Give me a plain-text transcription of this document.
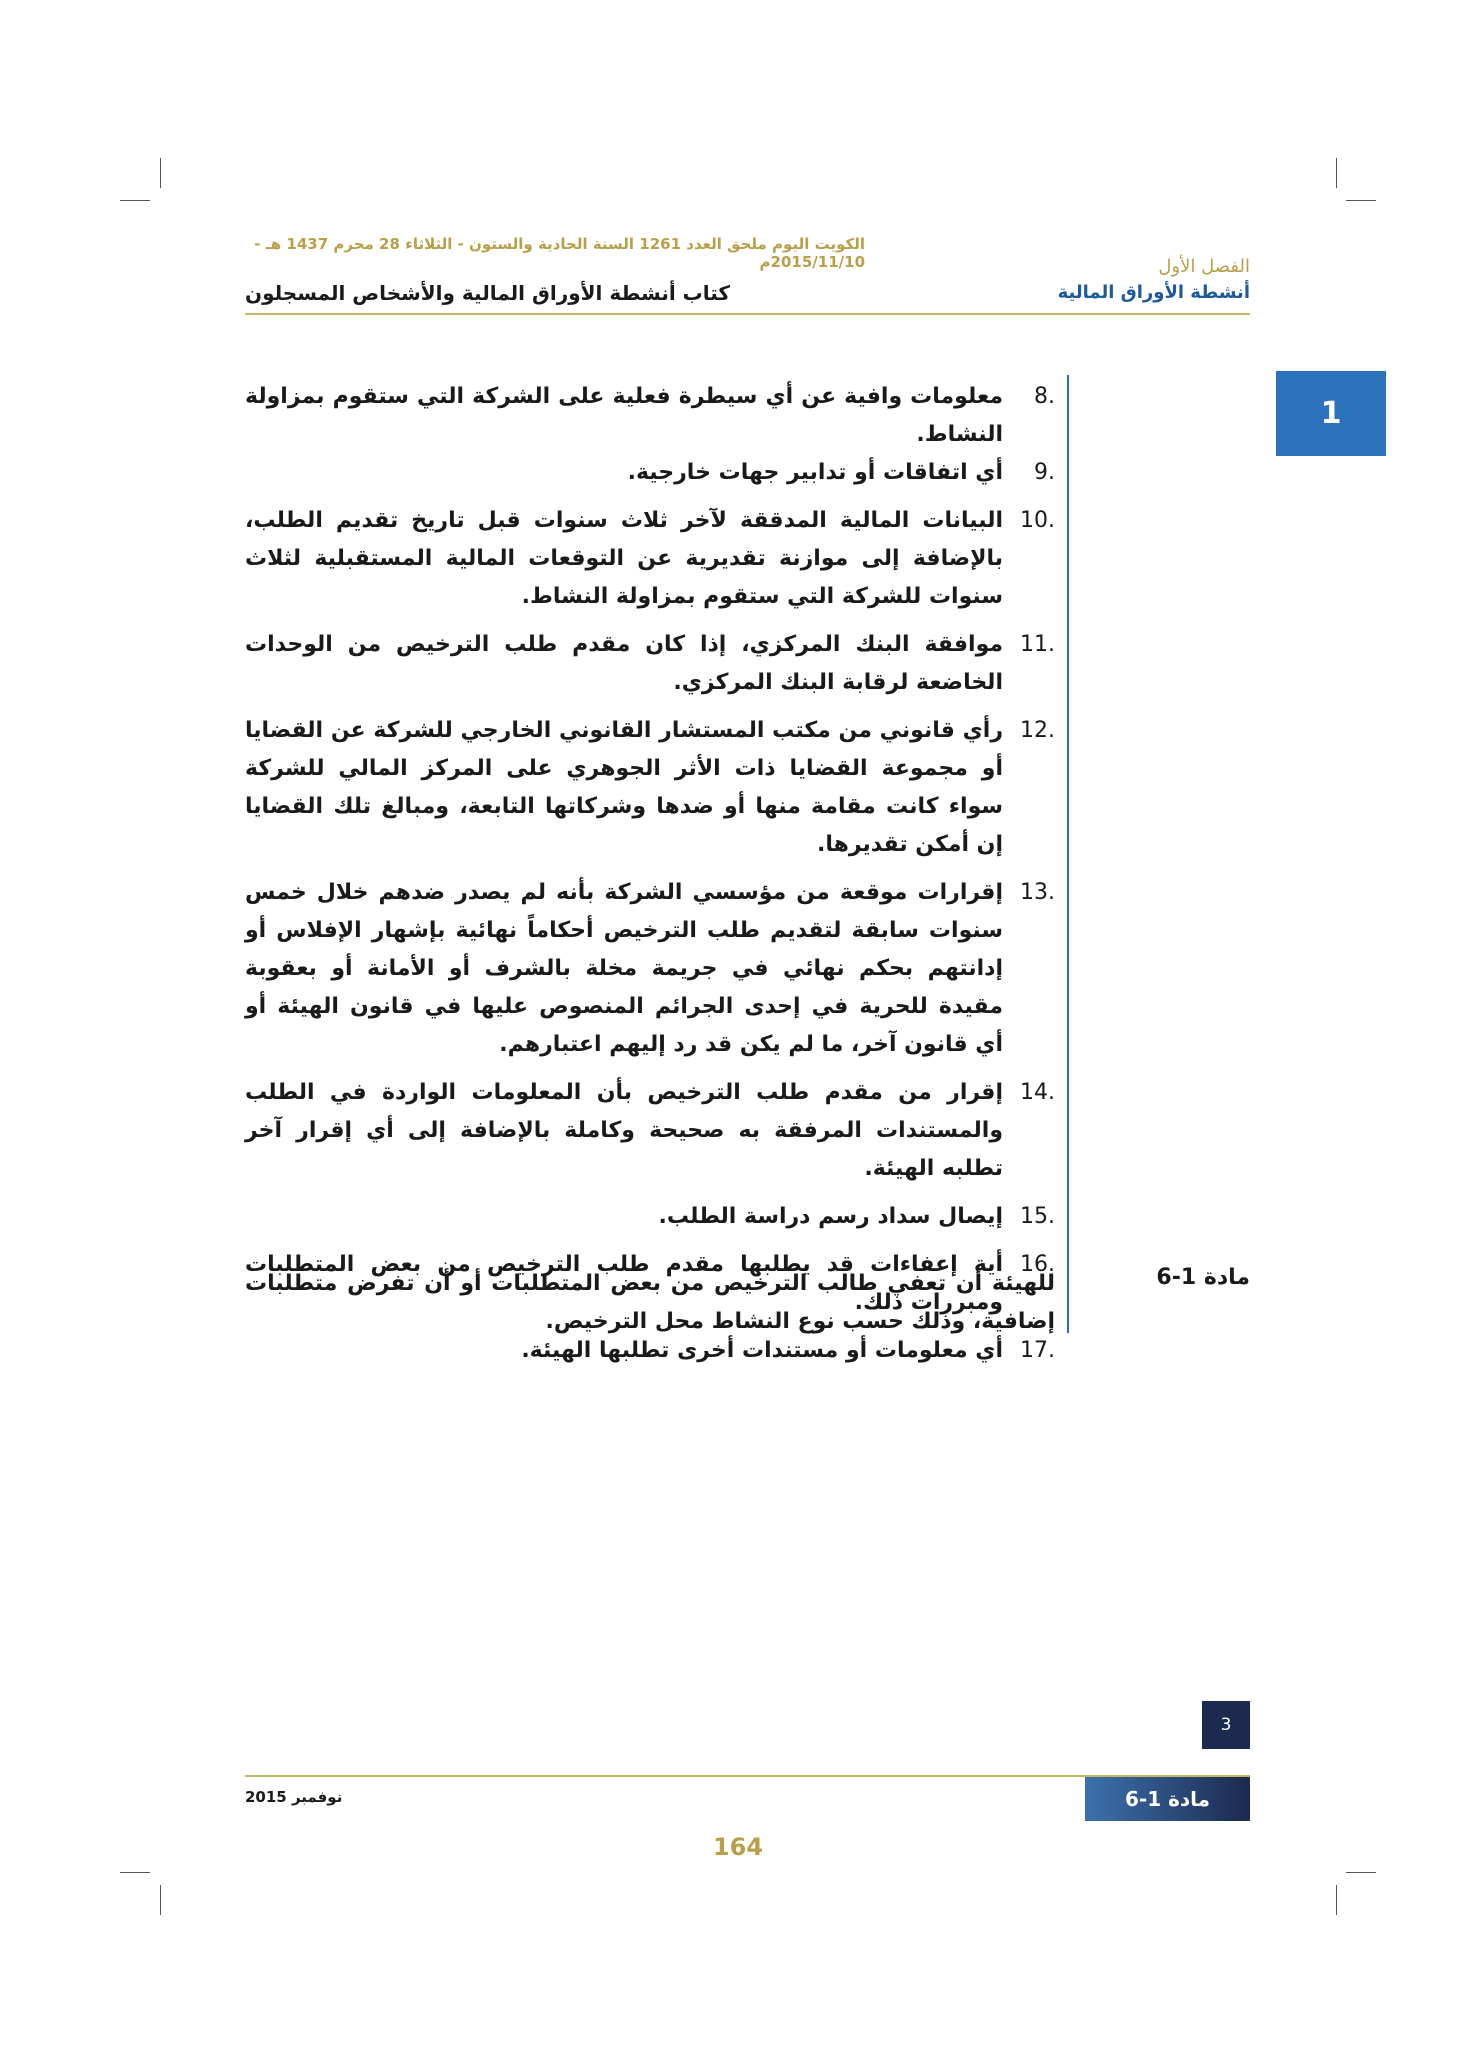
الكويت اليوم ملحق العدد 1261 السنة الحادية والستون - الثلاثاء 28 محرم 1437 هـ - 2015/11/10م	الفصل الأول
أنشطة الأوراق المالية
كتاب أنشطة الأوراق المالية والأشخاص المسجلون
1
8.
معلومات وافية عن أي سيطرة فعلية على الشركة التي ستقوم بمزاولة النشاط.
9.
أي اتفاقات أو تدابير جهات خارجية.
10.
البيانات المالية المدققة لآخر ثلاث سنوات قبل تاريخ تقديم الطلب، بالإضافة إلى موازنة تقديرية عن التوقعات المالية المستقبلية لثلاث سنوات للشركة التي ستقوم بمزاولة النشاط.
11.
موافقة البنك المركزي، إذا كان مقدم طلب الترخيص من الوحدات الخاضعة لرقابة البنك المركزي.
12.
رأي قانوني من مكتب المستشار القانوني الخارجي للشركة عن القضايا أو مجموعة القضايا ذات الأثر الجوهري على المركز المالي للشركة سواء كانت مقامة منها أو ضدها وشركاتها التابعة، ومبالغ تلك القضايا إن أمكن تقديرها.
13.
إقرارات موقعة من مؤسسي الشركة بأنه لم يصدر ضدهم خلال خمس سنوات سابقة لتقديم طلب الترخيص أحكاماً نهائية بإشهار الإفلاس أو إدانتهم بحكم نهائي في جريمة مخلة بالشرف أو الأمانة أو بعقوبة مقيدة للحرية في إحدى الجرائم المنصوص عليها في قانون الهيئة أو أي قانون آخر، ما لم يكن قد رد إليهم اعتبارهم.
14.
إقرار من مقدم طلب الترخيص بأن المعلومات الواردة في الطلب والمستندات المرفقة به صحيحة وكاملة بالإضافة إلى أي إقرار آخر تطلبه الهيئة.
15.
إيصال سداد رسم دراسة الطلب.
16.
أية إعفاءات قد يطلبها مقدم طلب الترخيص من بعض المتطلبات ومبررات ذلك.
17.
أي معلومات أو مستندات أخرى تطلبها الهيئة.
مادة 1-6
للهيئة أن تعفي طالب الترخيص من بعض المتطلبات أو أن تفرض متطلبات إضافية، وذلك حسب نوع النشاط محل الترخيص.
3
مادة 1-6
نوفمبر 2015
164
